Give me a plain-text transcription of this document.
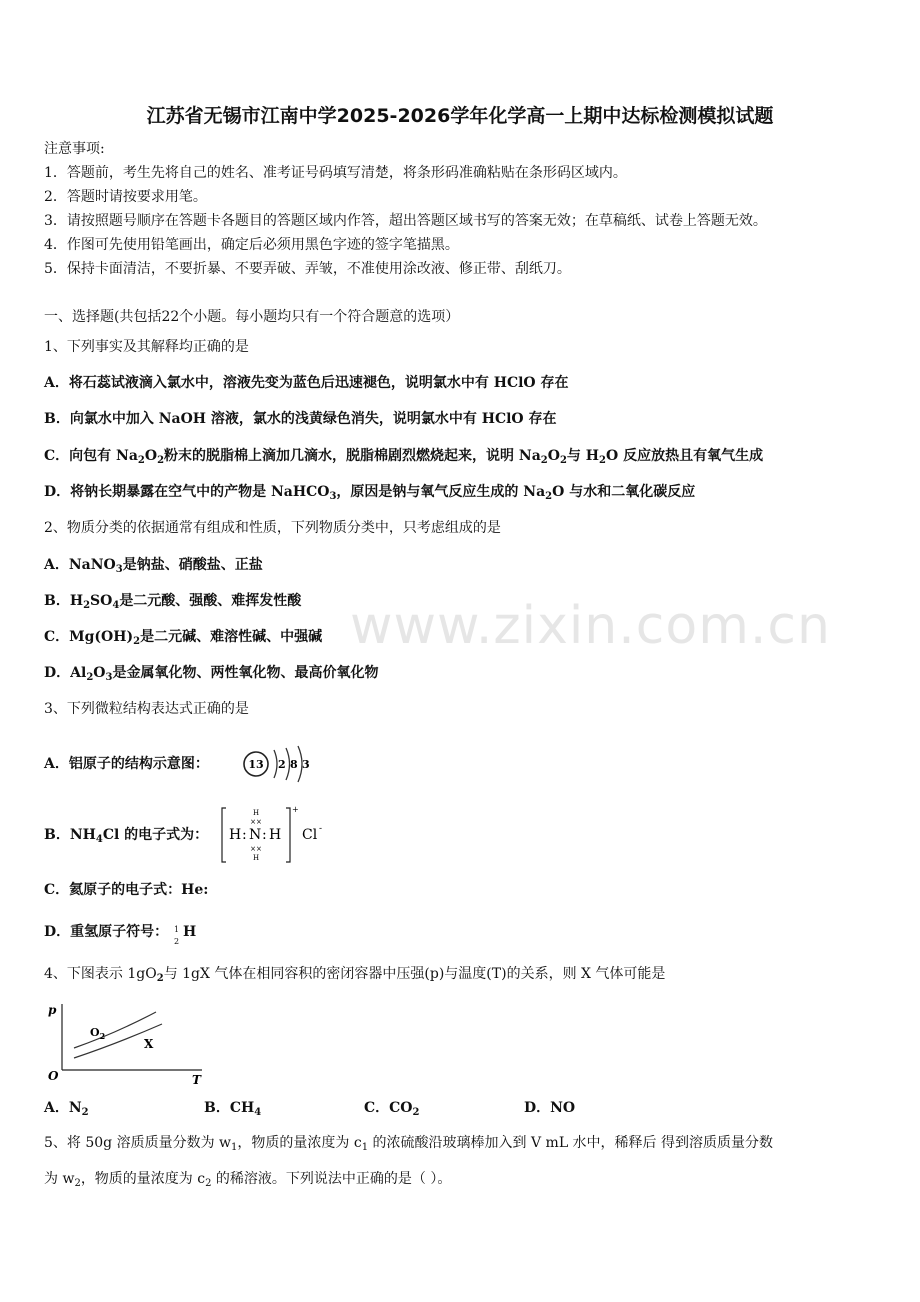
www.zixin.com.cn
江苏省无锡市江南中学2025-2026学年化学高一上期中达标检测模拟试题
注意事项:
1．答题前，考生先将自己的姓名、准考证号码填写清楚，将条形码准确粘贴在条形码区域内。
2．答题时请按要求用笔。
3．请按照题号顺序在答题卡各题目的答题区域内作答，超出答题区域书写的答案无效；在草稿纸、试卷上答题无效。
4．作图可先使用铅笔画出，确定后必须用黑色字迹的签字笔描黑。
5．保持卡面清洁，不要折暴、不要弄破、弄皱，不准使用涂改液、修正带、刮纸刀。
一、选择题(共包括22个小题。每小题均只有一个符合题意的选项）
1、下列事实及其解释均正确的是
A．将石蕊试液滴入氯水中，溶液先变为蓝色后迅速褪色，说明氯水中有 HClO 存在
B．向氯水中加入 NaOH 溶液，氯水的浅黄绿色消失，说明氯水中有 HClO 存在
C．向包有 $Na_2O_2$粉末的脱脂棉上滴加几滴水，脱脂棉剧烈燃烧起来，说明 $Na_2O_2$与 $H_2O$ 反应放热且有氧气生成
D．将钠长期暴露在空气中的产物是 NaHCO$_3$，原因是钠与氧气反应生成的 $Na_2O$ 与水和二氧化碳反应
2、物质分类的依据通常有组成和性质，下列物质分类中，只考虑组成的是
A．NaNO$_3$是钠盐、硝酸盐、正盐
B．$H_2SO_4$是二元酸、强酸、难挥发性酸
C．$Mg(OH)_2$是二元碱、难溶性碱、中强碱
D．$Al_2O_3$是金属氧化物、两性氧化物、最高价氧化物
3、下列微粒结构表达式正确的是
A．铝原子的结构示意图：	13 2 8 3
B．$NH_4Cl$ 的电子式为：
H
××
H : N : H
××
H
+
Cl -
C．氦原子的电子式：He:
D．重氢原子符号： 1
2
H
4、下图表示 $1gO_2$与 1gX 气体在相同容积的密闭容器中压强(p)与温度(T)的关系，则 X 气体可能是
p
T
O
$O_2$
X
A．$N_2$	B．$CH_4$	C．$CO_2$	D．NO
5、将 50g 溶质质量分数为 $w_1$，物质的量浓度为 $c_1$ 的浓硫酸沿玻璃棒加入到 V mL 水中，稀释后 得到溶质质量分数
为 $w_2$，物质的量浓度为 $c_2$ 的稀溶液。下列说法中正确的是（ ）。
